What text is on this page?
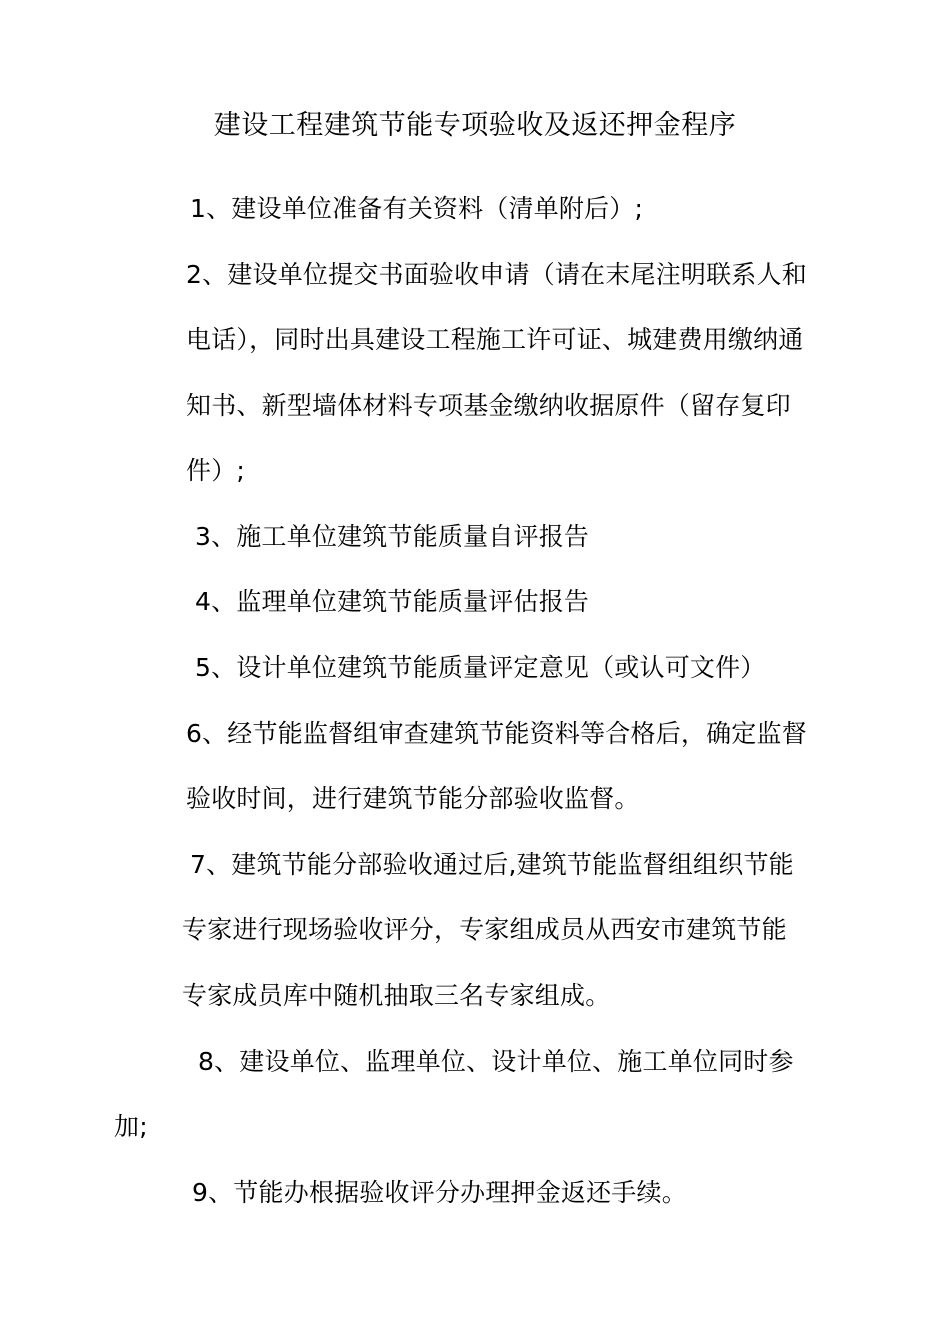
建设工程建筑节能专项验收及返还押金程序
1、建设单位准备有关资料（清单附后）;
2、建设单位提交书面验收申请（请在末尾注明联系人和
电话），同时出具建设工程施工许可证、城建费用缴纳通
知书、新型墙体材料专项基金缴纳收据原件（留存复印
件）;
3、施工单位建筑节能质量自评报告
4、监理单位建筑节能质量评估报告
5、设计单位建筑节能质量评定意见（或认可文件）
6、经节能监督组审查建筑节能资料等合格后，确定监督
验收时间，进行建筑节能分部验收监督。
7、建筑节能分部验收通过后,建筑节能监督组组织节能
专家进行现场验收评分，专家组成员从西安市建筑节能
专家成员库中随机抽取三名专家组成。
8、建设单位、监理单位、设计单位、施工单位同时参
加;
9、节能办根据验收评分办理押金返还手续。
